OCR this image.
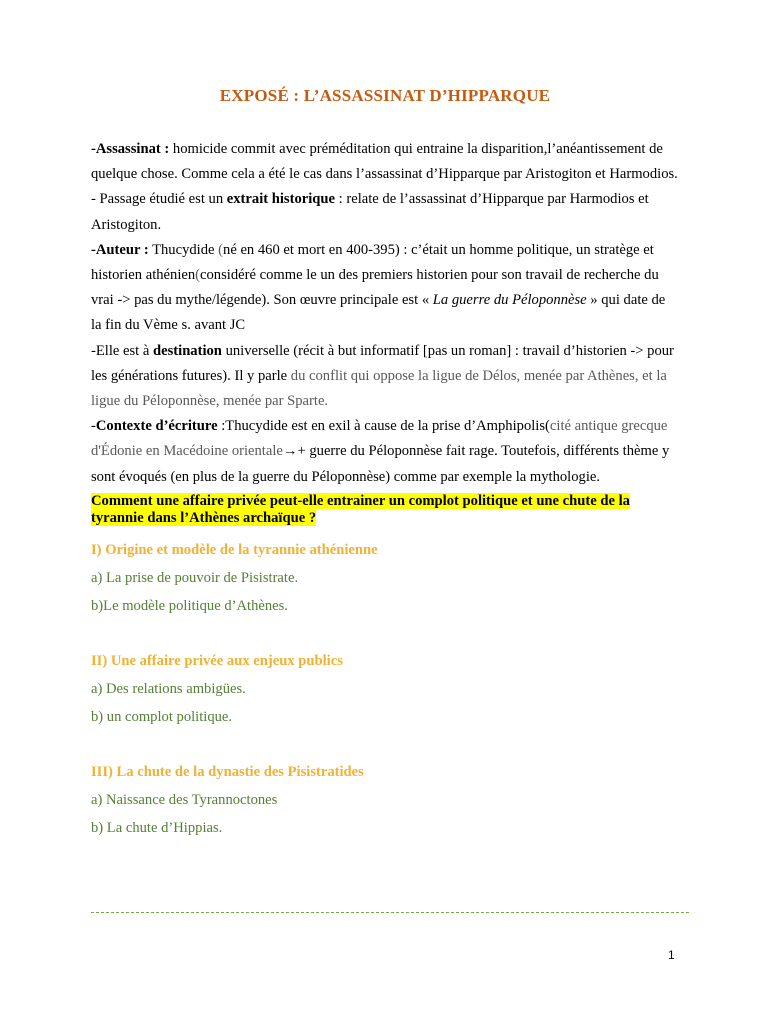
EXPOSÉ : L’ASSASSINAT D’HIPPARQUE

-Assassinat : homicide commit avec préméditation qui entraine la disparition,l’anéantissement de quelque chose. Comme cela a été le cas dans l’assassinat d’Hipparque par Aristogiton et Harmodios.

- Passage étudié est un extrait historique : relate de l’assassinat d’Hipparque par Harmodios et Aristogiton.

-Auteur : Thucydide (né en 460 et mort en 400-395) : c’était un homme politique, un stratège et historien athénien(considéré comme le un des premiers historien pour son travail de recherche du vrai -> pas du mythe/légende). Son œuvre principale est « La guerre du Péloponnèse » qui date de la fin du Vème s. avant JC

-Elle est à destination universelle (récit à but informatif [pas un roman] : travail d’historien -> pour les générations futures). Il y parle du conflit qui oppose la ligue de Délos, menée par Athènes, et la ligue du Péloponnèse, menée par Sparte.

-Contexte d’écriture :Thucydide est en exil à cause de la prise d’Amphipolis(cité antique grecque d'Édonie en Macédoine orientale→+ guerre du Péloponnèse fait rage. Toutefois, différents thème y sont évoqués (en plus de la guerre du Péloponnèse) comme par exemple la mythologie.

Comment une affaire privée peut-elle entrainer un complot politique et une chute de la tyrannie dans l’Athènes archaïque ?

I) Origine et modèle de la tyrannie athénienne

a) La prise de pouvoir de Pisistrate.

b)Le modèle politique d’Athènes.

II) Une affaire privée aux enjeux publics

a) Des relations ambigües.

b) un complot politique.

III) La chute de la dynastie des Pisistratides

a) Naissance des Tyrannoctones

b) La chute d’Hippias.

1
